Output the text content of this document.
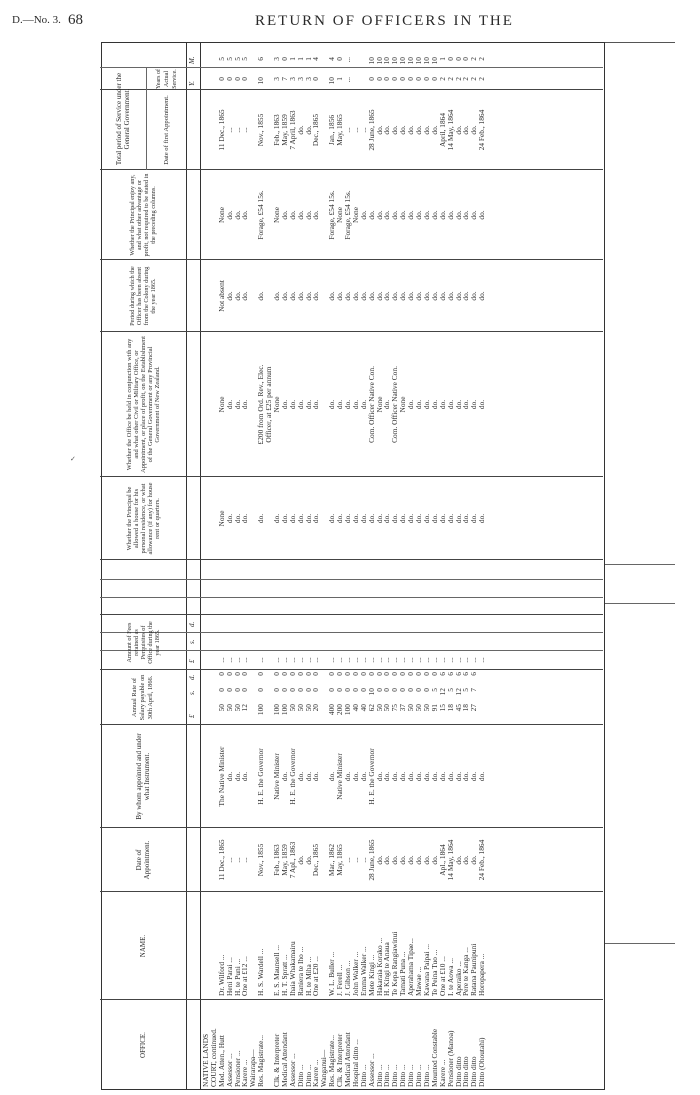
D.—No. 3. 68	RETURN OF OFFICERS IN THE
✓
OFFICE.
NAME.
Date of Appointment.
By whom appointed and under what Instrument.
Annual Rate of Salary payable on 30th April, 1866.
Amount of Fees retained as Perquisites of Office during the year 1865.
Whether the Principal be allowed a house for his personal residence, or what allowance (if any) for house rent or quarters.
Whether the Office be held in conjunction with any and what other Civil or Military Office, or Appointment, or place of profit, on the Establishment of the General Government or any Provincial Government of New Zealand.
Period during which the Officer has been absent from the Colony during the year 1865.
Whether the Principal enjoy any, and what other advantage or profit, not required to be stated in the preceding columns.
Total period of Service under the General Government.	Date of first Appointment.
Years of Actual Service.
£
s.
d.
£
s.
d.
Y.
M.
NATIVE LANDS
COURT, continued.
Med. Atten., Hutt
Assessor ...
Pensioner ...
Karere ...
Wairarapa—
Res. Magistrate... Clk. & Interpreter
Medical Attendant
Assessor ...
Ditto ...
Ditto ...
Karere ...
Wanganui—
Res. Magistrate...
Clk. & Interpreter
Medical Attendant
Hospital ditto ...
Ditto ...
Assessor ...
Ditto ...
Ditto ...
Ditto ...
Ditto ...
Ditto ...
Ditto ...
Ditto ...
Mounted Constable
Karere ...
Pensioner (Manoa)
Ditto ditto
Ditto ditto
Ditto ditto
Ditto (Ohoutahi)
Dr. Wilford ...
Heni Parai ...
H. te Puni ...
One at £12 ... H. S. Wardell ... E. S. Maunsell ...
H. T. Spratt ...
Ihaia Whakamairu
Raniera te Iho ...
H. te Miha ...
One at £20 ... W. L. Buller ...
J. Ferell ...
J. Gibson ...
John Walker ...
Emma Walker ...
Mete Kingi ...
Hakaraia Korako ...
H. Kingi te Anaua
Te Kepa Rangiawinui
Tamati Puna ...
Aperahama Tipae...
Mawae ...
Kawana Paipai ...
Te Peina Tuo ...
One at £10 ...
I. te Aowa ...
Aperaiko ...
Pere te Kanga ...
Ratana Paunipuni
Horopapera ...
11 Dec., 1865
...
...
... Nov., 1855 Feb., 1863
May, 1859
7 Apl., 1863
do.
do.
Dec., 1865 Mar., 1862
May, 1865
...
...
...
28 June, 1865
do.
do.
do.
do.
do.
do.
do.
do.
Apl., 1864
14 May, 1864
do.
do.
do.
24 Feb., 1864
The Native Minister
do.
do.
do. H. E. the Governor Native Minister
do.
H. E. the Governor
do.
do.
do. do.
Native Minister
do.
do.
do.
H. E. the Governor
do.
do.
do.
do.
do.
do.
do.
do.
do.
do.
do.
do.
do.
do.
50
50
50
12 100 100
100
50
50
50
20 400
200
100
40
40
62
50
50
75
37
50
50
50
91
15
18
45
18
27
0
0
0
0 0 0
0
0
0
0
0 0
0
0
0
0
10
0
0
0
0
0
0
0
5
12
5
12
5
7
0
0
0
0 0 0
0
0
0
0
0 0
0
0
0
0
0
0
0
0
0
0
0
0
0
6
6
6
6
6
...
...
...
... ... ...
...
...
...
...
... ...
...
...
...
...
...
...
...
...
...
...
...
...
...
...
...
...
...
...
...
None
do.
do.
do. do. do.
do.
do.
do.
do.
do. do.
do.
do.
do.
do.
do.
do.
do.
do.
do.
do.
do.
do.
do.
do.
do.
do.
do.
do.
do.
None
do.
do.
do. £200 from Ord. Rev., Elec.
Officer, at £25 per annum
None
do.
do.
do.
do.
do. do.
do.
do.
do.
do.
Com. Officer Native Con.
None
do.
Com. Officer Native Con.
None
do.
do.
do.
do.
do.
do.
do.
do.
do.
do.
Not absent
do.
do.
do. do. do.
do.
do.
do.
do.
do. do.
do.
do.
do.
do.
do.
do.
do.
do.
do.
do.
do.
do.
do.
do.
do.
do.
do.
do.
do.
None
do.
do.
do. Forage, £54 15s. None
do.
do.
do.
do.
do. Forage, £54 15s.
None
Forage, £54 15s.
None
do.
do.
do.
do.
do.
do.
do.
do.
do.
do.
do.
do.
do.
do.
do.
do.
11 Dec., 1865
...
...
... Nov., 1855 Feb., 1863
May, 1859
7 April, 1863
do.
do.
Dec., 1865 Jan., 1856
May, 1865
...
...
...
28 June, 1865
do.
do.
do.
do.
do.
do.
do.
do.
April, 1864
14 May, 1864
do.
do.
do.
24 Feb., 1864
0
0
0
0 10 3
7
3
3
3
0 10
1
... 0
0
0
0
0
0
0
0
0
2
2
2
2
2
2
5
5
5
5 6 3
0
1
1
1
4 4
0
... 10
10
10
10
10
10
10
10
10
1
0
0
0
2
2
